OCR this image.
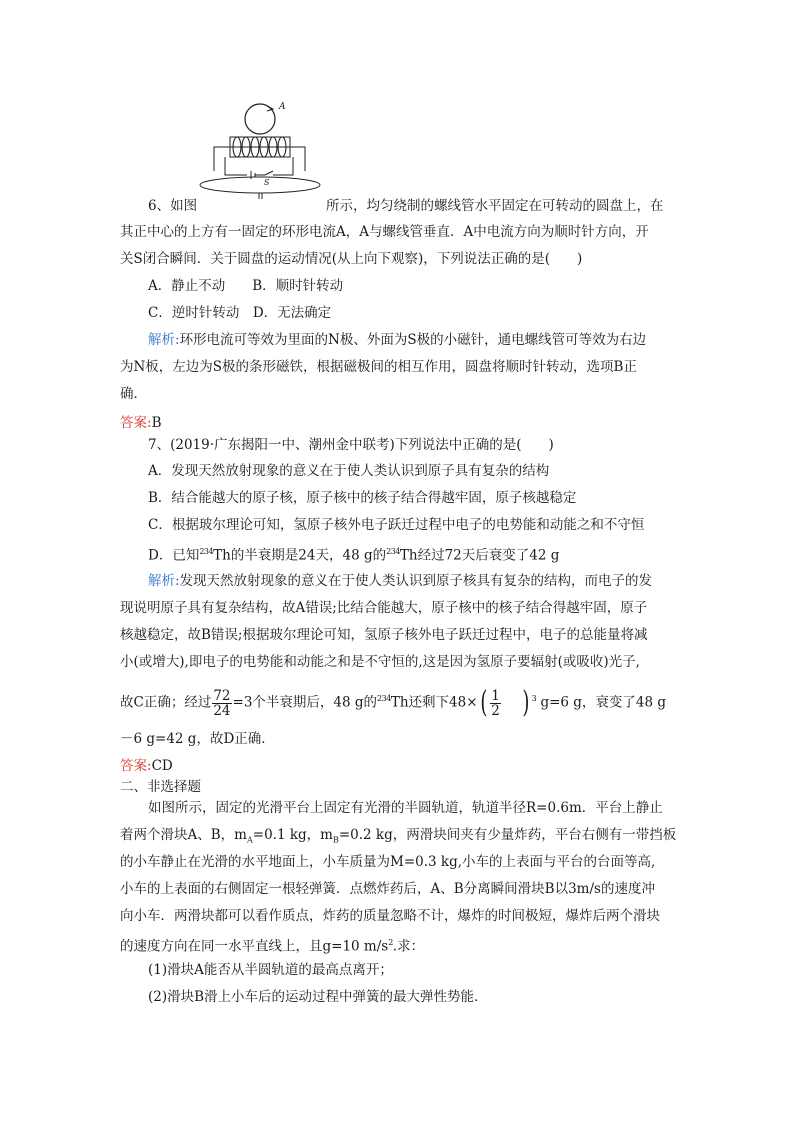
A
S
6、如图	所示，均匀绕制的螺线管水平固定在可转动的圆盘上，在
其正中心的上方有一固定的环形电流A，A与螺线管垂直．A中电流方向为顺时针方向，开
关S闭合瞬间．关于圆盘的运动情况(从上向下观察)，下列说法正确的是(　　)
A．静止不动　　B．顺时针转动
C．逆时针转动　D．无法确定
解析:环形电流可等效为里面的N极、外面为S极的小磁针，通电螺线管可等效为右边
为N板，左边为S极的条形磁铁，根据磁极间的相互作用，圆盘将顺时针转动，选项B正
确．
答案:B
7、(2019·广东揭阳一中、潮州金中联考)下列说法中正确的是(　　)
A．发现天然放射现象的意义在于使人类认识到原子具有复杂的结构
B．结合能越大的原子核，原子核中的核子结合得越牢固，原子核越稳定
C．根据玻尔理论可知，氢原子核外电子跃迁过程中电子的电势能和动能之和不守恒
D．已知$^{234}$Th的半衰期是24天，48 g的$^{234}$Th经过72天后衰变了42 g
解析:发现天然放射现象的意义在于使人类认识到原子核具有复杂的结构，而电子的发
现说明原子具有复杂结构，故A错误;比结合能越大，原子核中的核子结合得越牢固，原子
核越稳定，故B错误;根据玻尔理论可知，氢原子核外电子跃迁过程中，电子的总能量将减
小(或增大),即电子的电势能和动能之和是不守恒的,这是因为氢原子要辐射(或吸收)光子,
故C正确；经过 $\frac{72}{24} =3$个半衰期后，48 g的$^{234}$Th还剩下$48\times( \frac{1}{2}$ ) $^3$ g=6 g，衰变了48 g
－6 g=42 g，故D正确．
答案:CD
二、非选择题
如图所示，固定的光滑平台上固定有光滑的半圆轨道，轨道半径R=0.6m．平台上静止
着两个滑块A、B，$m_A=0.1$ kg，$m_B=0.2$ kg，两滑块间夹有少量炸药，平台右侧有一带挡板
的小车静止在光滑的水平地面上，小车质量为M=0.3 kg,小车的上表面与平台的台面等高,
小车的上表面的右侧固定一根轻弹簧．点燃炸药后，A、B分离瞬间滑块B以3m/s的速度冲
向小车．两滑块都可以看作质点，炸药的质量忽略不计，爆炸的时间极短，爆炸后两个滑块
的速度方向在同一水平直线上，且g=10 $m/s^2$.求：
(1)滑块A能否从半圆轨道的最高点离开；
(2)滑块B滑上小车后的运动过程中弹簧的最大弹性势能．
